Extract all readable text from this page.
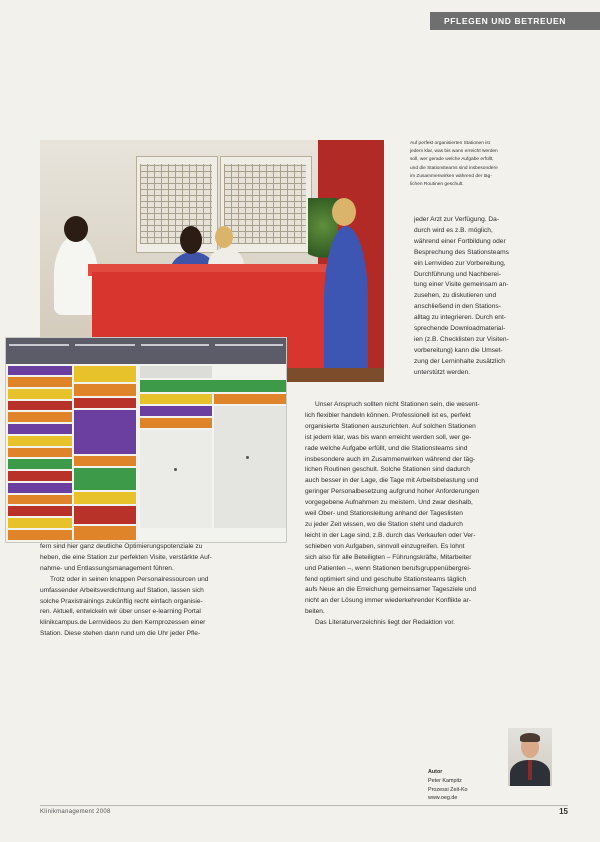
PFLEGEN UND BETREUEN
Auf perfekt organisierten Stationen ist
jedem klar, was bis wann erreicht werden
soll, wer gerade welche Aufgabe erfüllt,
und die Stationsteams sind insbesondere
im Zusammenwirken während der täg-
lichen Routinen geschult.

jeder Arzt zur Verfügung. Da-
durch wird es z.B. möglich,
während einer Fortbildung oder
Besprechung des Stationsteams
ein Lernvideo zur Vorbereitung,
Durchführung und Nachberei-
tung einer Visite gemeinsam an-
zusehen, zu diskutieren und
anschließend in den Stations-
alltag zu integrieren. Durch ent-
sprechende Downloadmaterial-
ien (z.B. Checklisten zur Visiten-
vorbereitung) kann die Umset-
zung der Lerninhalte zusätzlich
unterstützt werden.

Unser Anspruch sollten nicht Stationen sein, die wesent-
lich flexibler handeln können. Professionell ist es, perfekt
organisierte Stationen auszurichten. Auf solchen Stationen
ist jedem klar, was bis wann erreicht werden soll, wer ge-
rade welche Aufgabe erfüllt, und die Stationsteams sind
insbesondere auch im Zusammenwirken während der täg-
lichen Routinen geschult. Solche Stationen sind dadurch
auch besser in der Lage, die Tage mit Arbeitsbelastung und
geringer Personalbesetzung aufgrund hoher Anforderungen
vorgegebene Aufnahmen zu meistern. Und zwar deshalb,
weil Ober- und Stationsleitung anhand der Tageslisten
zu jeder Zeit wissen, wo die Station steht und dadurch
leicht in der Lage sind, z.B. durch das Verkaufen oder Ver-
schieben von Aufgaben, sinnvoll einzugreifen. Es lohnt
sich also für alle Beteiligten – Führungskräfte, Mitarbeiter
und Patienten –, wenn Stationen berufsgruppenübergrei-
fend optimiert sind und geschulte Stationsteams täglich
aufs Neue an die Erreichung gemeinsamer Tagesziele und
nicht an der Lösung immer wiederkehrender Konflikte ar-
beiten.
Das Literaturverzeichnis liegt der Redaktion vor.

fern sind hier ganz deutliche Optimierungspotenziale zu
heben, die eine Station zur perfekten Visite, verstärkte Auf-
nahme- und Entlassungsmanagement führen.
Trotz oder in seinen knappen Personalressourcen und
umfassender Arbeitsverdichtung auf Station, lassen sich
solche Praxistrainings zukünftig recht einfach organisie-
ren. Aktuell, entwickeln wir über unser e-learning Portal
klinikcampus.de Lernvideos zu den Kernprozessen einer
Station. Diese stehen dann rund um die Uhr jeder Pfle-

Autor
Peter Kampitz
Prozessi Zeit-Ko
www.oeg.de
Klinikmanagement 2008	15
